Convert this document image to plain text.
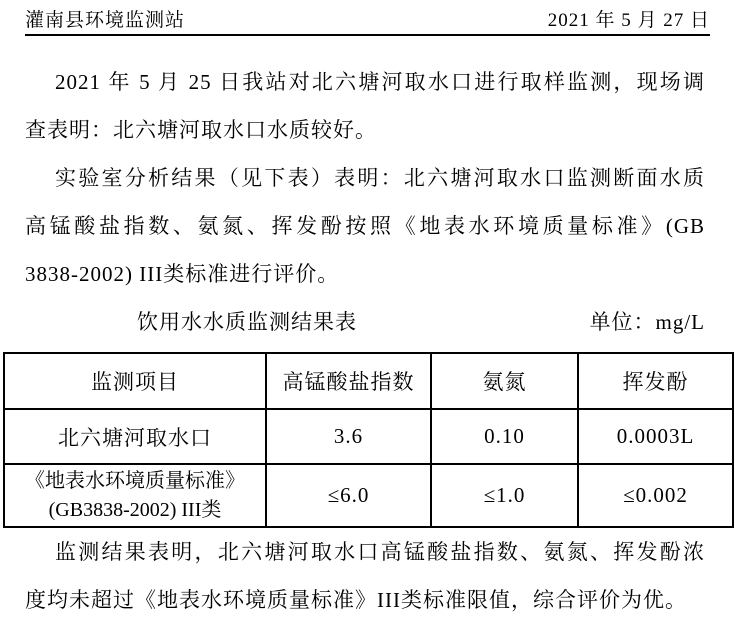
灌南县环境监测站	2021 年 5 月 27 日
2021 年 5 月 25 日我站对北六塘河取水口进行取样监测，现场调
查表明：北六塘河取水口水质较好。
实验室分析结果（见下表）表明：北六塘河取水口监测断面水质
高锰酸盐指数、氨氮、挥发酚按照《地表水环境质量标准》(GB
3838-2002) III类标准进行评价。
饮用水水质监测结果表	单位：mg/L
监测项目	高锰酸盐指数	氨氮	挥发酚
北六塘河取水口	3.6	0.10	0.0003L

《地表水环境质量标准》
(GB3838-2002) III类	≤6.0	≤1.0	≤0.002
监测结果表明，北六塘河取水口高锰酸盐指数、氨氮、挥发酚浓
度均未超过《地表水环境质量标准》III类标准限值，综合评价为优。
